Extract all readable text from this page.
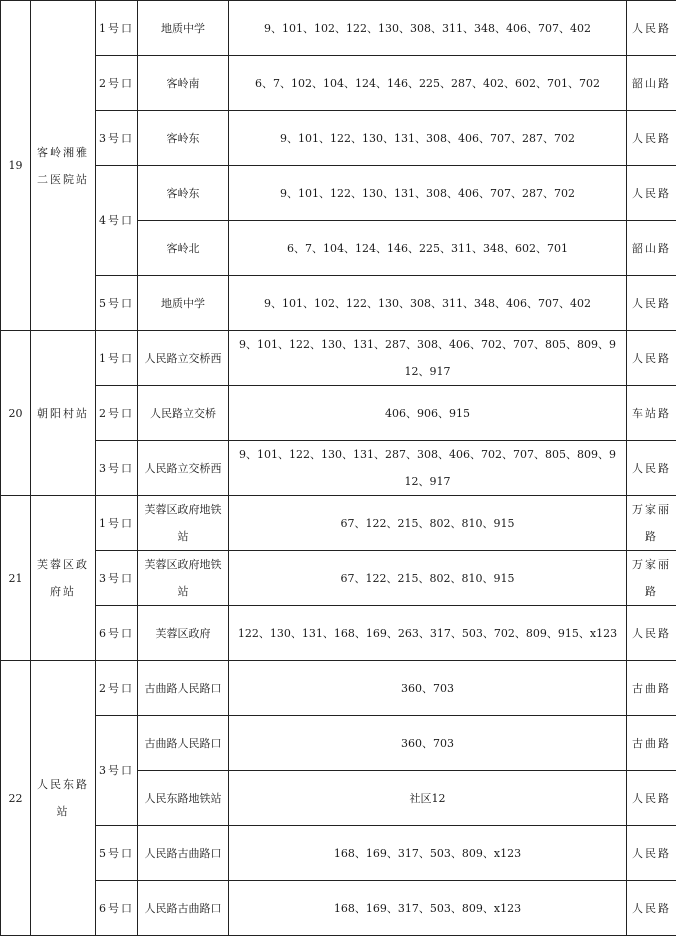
19	客岭湘雅二医院站	1号口	地质中学	9、101、102、122、130、308、311、348、406、707、402	人民路
		2号口	客岭南	6、7、102、104、124、146、225、287、402、602、701、702	韶山路
		3号口	客岭东	9、101、122、130、131、308、406、707、287、702	人民路
		4号口	客岭东	9、101、122、130、131、308、406、707、287、702	人民路
			客岭北	6、7、104、124、146、225、311、348、602、701	韶山路
		5号口	地质中学	9、101、102、122、130、308、311、348、406、707、402	人民路
20	朝阳村站	1号口	人民路立交桥西	9、101、122、130、131、287、308、406、702、707、805、809、912、917	人民路
		2号口	人民路立交桥	406、906、915	车站路
		3号口	人民路立交桥西	9、101、122、130、131、287、308、406、702、707、805、809、912、917	人民路
21	芙蓉区政府站	1号口	芙蓉区政府地铁站	67、122、215、802、810、915	万家丽路
		3号口	芙蓉区政府地铁站	67、122、215、802、810、915	万家丽路
		6号口	芙蓉区政府	122、130、131、168、169、263、317、503、702、809、915、x123	人民路
22	人民东路站	2号口	古曲路人民路口	360、703	古曲路
		3号口	古曲路人民路口	360、703	古曲路
			人民东路地铁站	社区12	人民路
		5号口	人民路古曲路口	168、169、317、503、809、x123	人民路
		6号口	人民路古曲路口	168、169、317、503、809、x123	人民路
